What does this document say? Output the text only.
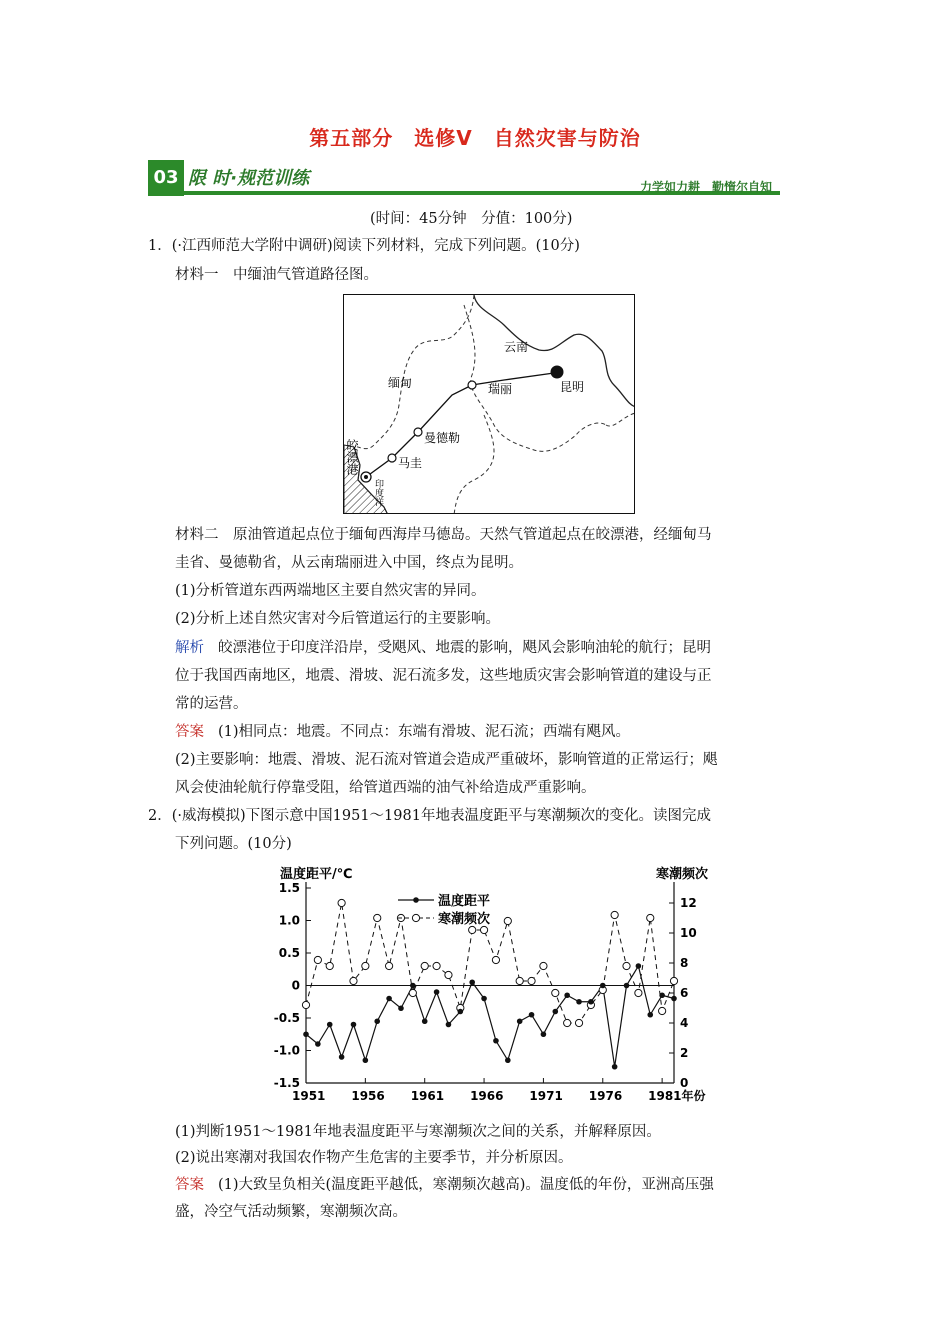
第五部分　选修Ⅴ　自然灾害与防治
03 限 时·规范训练	力学如力耕　勤惰尔自知
(时间：45分钟　分值：100分)
1．(·江西师范大学附中调研)阅读下列材料，完成下列问题。(10分)
材料一　中缅油气管道路径图。
云南
缅甸	瑞丽	昆明
曼德勒
马圭
皎漂港
印度洋
材料二　原油管道起点位于缅甸西海岸马德岛。天然气管道起点在皎漂港，经缅甸马
圭省、曼德勒省，从云南瑞丽进入中国，终点为昆明。
(1)分析管道东西两端地区主要自然灾害的异同。
(2)分析上述自然灾害对今后管道运行的主要影响。
解析 皎漂港位于印度洋沿岸，受飓风、地震的影响，飓风会影响油轮的航行；昆明
位于我国西南地区，地震、滑坡、泥石流多发，这些地质灾害会影响管道的建设与正
常的运营。
答案 (1)相同点：地震。不同点：东端有滑坡、泥石流；西端有飓风。
(2)主要影响：地震、滑坡、泥石流对管道会造成严重破坏，影响管道的正常运行；飓
风会使油轮航行停靠受阻，给管道西端的油气补给造成严重影响。
2．(·威海模拟)下图示意中国1951～1981年地表温度距平与寒潮频次的变化。读图完成
下列问题。(10分)
温度距平/℃	寒潮频次
1.5
1.0
0.5
0
-0.5
-1.0
-1.5
12
10
8
6
4
2
0
1951 1956 1961 1966 1971 1976 1981年份
温度距平
寒潮频次
(1)判断1951～1981年地表温度距平与寒潮频次之间的关系，并解释原因。
(2)说出寒潮对我国农作物产生危害的主要季节，并分析原因。
答案 (1)大致呈负相关(温度距平越低，寒潮频次越高)。温度低的年份，亚洲高压强
盛，冷空气活动频繁，寒潮频次高。
